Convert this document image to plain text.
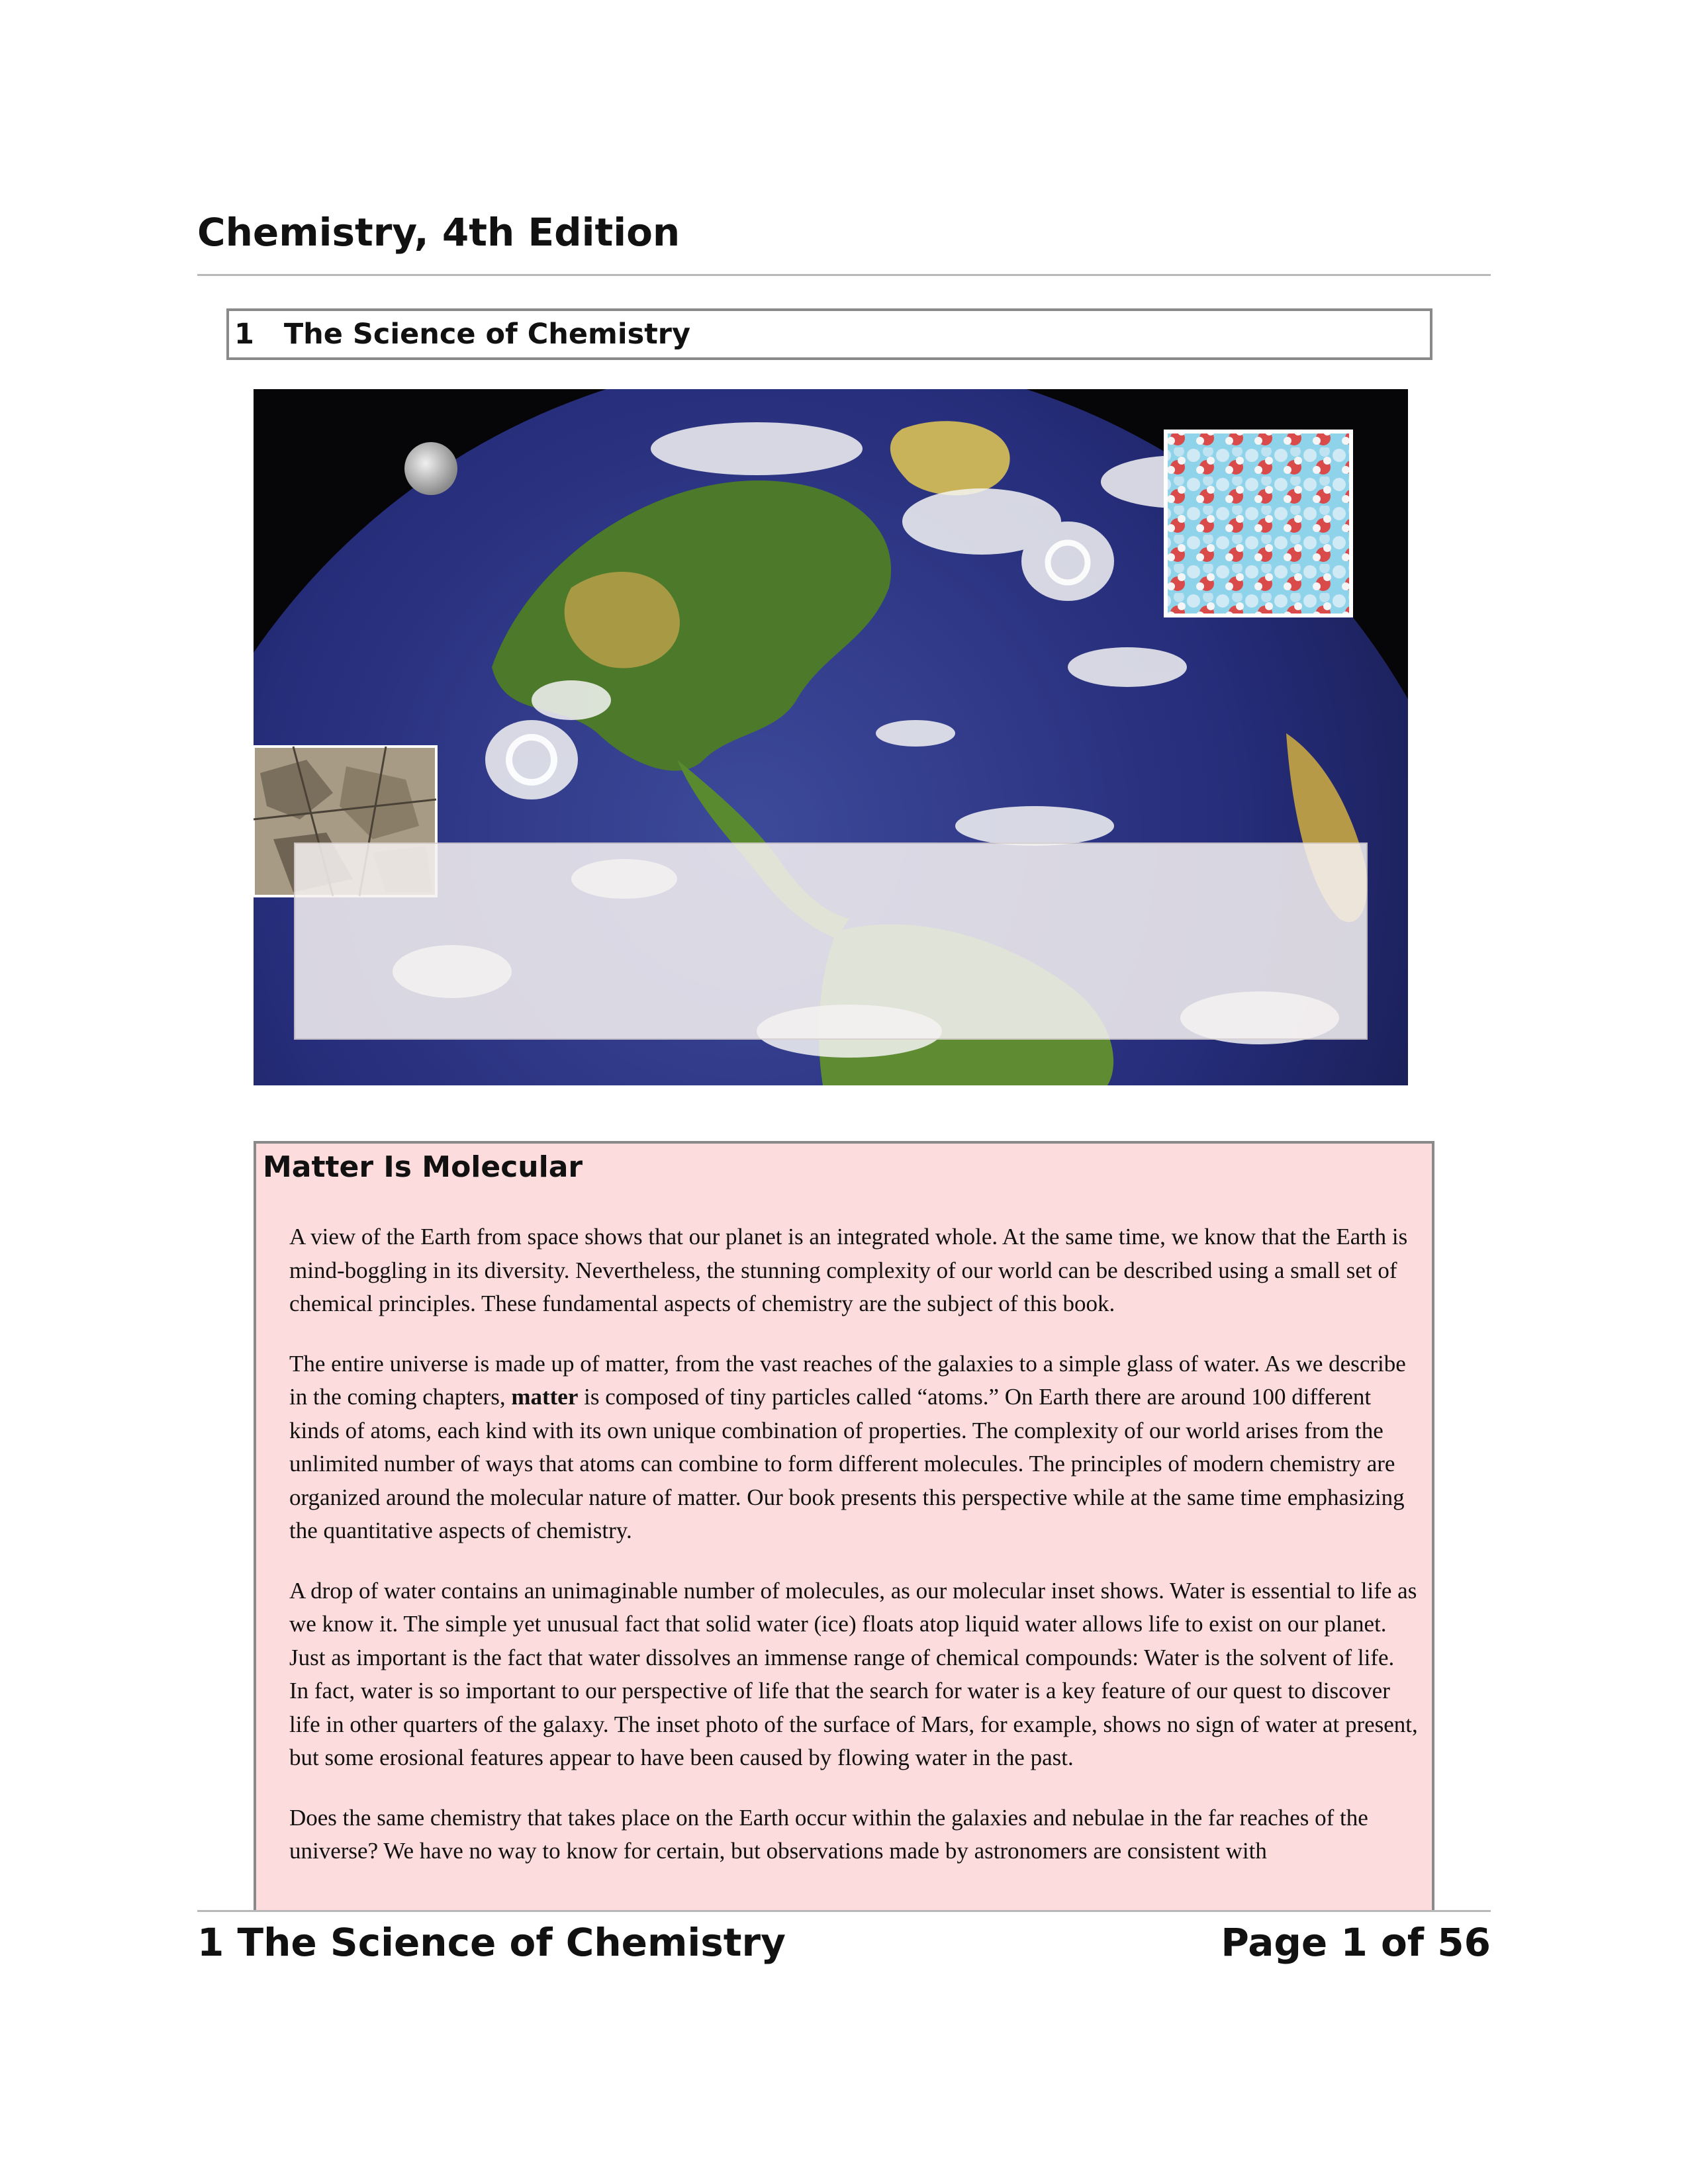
Chemistry, 4th Edition
1   The Science of Chemistry
Matter Is Molecular

A view of the Earth from space shows that our planet is an integrated whole. At the same time, we know that the Earth is mind-boggling in its diversity. Nevertheless, the stunning complexity of our world can be described using a small set of chemical principles. These fundamental aspects of chemistry are the subject of this book.

The entire universe is made up of matter, from the vast reaches of the galaxies to a simple glass of water. As we describe in the coming chapters, matter is composed of tiny particles called “atoms.” On Earth there are around 100 different kinds of atoms, each kind with its own unique combination of properties. The complexity of our world arises from the unlimited number of ways that atoms can combine to form different molecules. The principles of modern chemistry are organized around the molecular nature of matter. Our book presents this perspective while at the same time emphasizing the quantitative aspects of chemistry.

A drop of water contains an unimaginable number of molecules, as our molecular inset shows. Water is essential to life as we know it. The simple yet unusual fact that solid water (ice) floats atop liquid water allows life to exist on our planet. Just as important is the fact that water dissolves an immense range of chemical compounds: Water is the solvent of life. In fact, water is so important to our perspective of life that the search for water is a key feature of our quest to discover life in other quarters of the galaxy. The inset photo of the surface of Mars, for example, shows no sign of water at present, but some erosional features appear to have been caused by flowing water in the past.

Does the same chemistry that takes place on the Earth occur within the galaxies and nebulae in the far reaches of the universe? We have no way to know for certain, but observations made by astronomers are consistent with

1 The Science of Chemistry	Page 1 of 56
